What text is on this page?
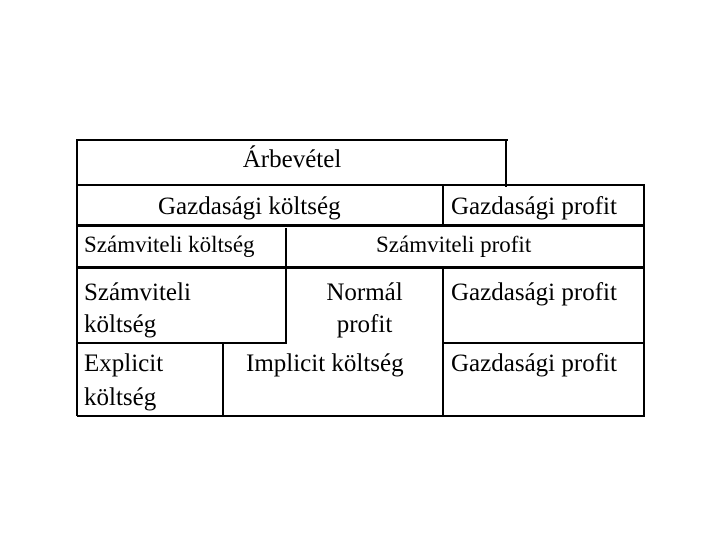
Árbevétel
Gazdasági költség	Gazdasági profit
Számviteli költség	Számviteli profit
Számviteli
költség
Normál
profit
Gazdasági profit
Explicit
költség
Implicit költség Gazdasági profit
